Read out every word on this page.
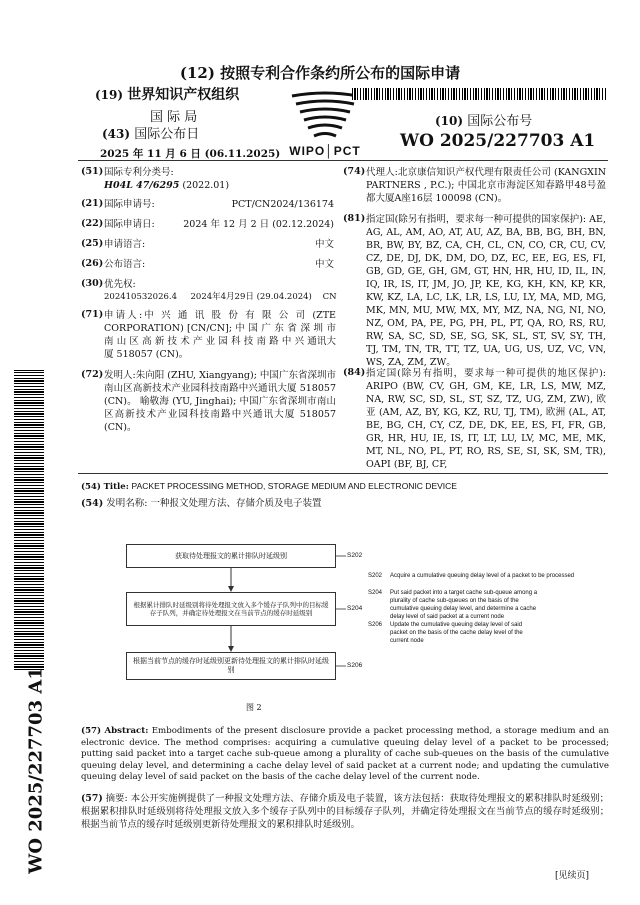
(12) 按照专利合作条约所公布的国际申请
(19) 世界知识产权组织
国 际 局
(43) 国际公布日
2025 年 11 月 6 日 (06.11.2025) WIPO│PCT
(10) 国际公布号
WO 2025/227703 A1
(51) 国际专利分类号:
H04L 47/6295 (2022.01)
(21) 国际申请号:	PCT/CN2024/136174
(22) 国际申请日:	2024 年 12 月 2 日 (02.12.2024)
(25) 申请语言:	中文
(26) 公布语言:	中文
(30) 优先权:
202410532026.4     2024年4月29日 (29.04.2024)    CN
(71) 申请人:中 兴 通 讯 股 份 有 限 公 司 (ZTE CORPORATION) [CN/CN]; 中 国 广 东 省 深 圳 市 南 山 区 高 新 技 术 产 业 园 科 技 南 路 中 兴 通讯大厦 518057 (CN)。
(72) 发明人:朱向阳 (ZHU, Xiangyang); 中国广东省深圳市南山区高新技术产业园科技南路中兴通讯大厦 518057 (CN)。 喻敬海 (YU, Jinghai); 中国广东省深圳市南山区高新技术产业园科技南路中兴通讯大厦 518057 (CN)。
(74) 代理人:北京康信知识产权代理有限责任公司 (KANGXIN PARTNERS , P.C.); 中国北京市海淀区知春路甲48号盈都大厦A座16层 100098 (CN)。
(81) 指定国(除另有指明，要求每一种可提供的国家保护): AE, AG, AL, AM, AO, AT, AU, AZ, BA, BB, BG, BH, BN, BR, BW, BY, BZ, CA, CH, CL, CN, CO, CR, CU, CV, CZ, DE, DJ, DK, DM, DO, DZ, EC, EE, EG, ES, FI, GB, GD, GE, GH, GM, GT, HN, HR, HU, ID, IL, IN, IQ, IR, IS, IT, JM, JO, JP, KE, KG, KH, KN, KP, KR, KW, KZ, LA, LC, LK, LR, LS, LU, LY, MA, MD, MG, MK, MN, MU, MW, MX, MY, MZ, NA, NG, NI, NO, NZ, OM, PA, PE, PG, PH, PL, PT, QA, RO, RS, RU, RW, SA, SC, SD, SE, SG, SK, SL, ST, SV, SY, TH, TJ, TM, TN, TR, TT, TZ, UA, UG, US, UZ, VC, VN, WS, ZA, ZM, ZW。
(84) 指定国(除另有指明，要求每一种可提供的地区保护): ARIPO (BW, CV, GH, GM, KE, LR, LS, MW, MZ, NA, RW, SC, SD, SL, ST, SZ, TZ, UG, ZM, ZW), 欧亚 (AM, AZ, BY, KG, KZ, RU, TJ, TM), 欧洲 (AL, AT, BE, BG, CH, CY, CZ, DE, DK, EE, ES, FI, FR, GB, GR, HR, HU, IE, IS, IT, LT, LU, LV, MC, ME, MK, MT, NL, NO, PL, PT, RO, RS, SE, SI, SK, SM, TR), OAPI (BF, BJ, CF,
(54) Title: PACKET PROCESSING METHOD, STORAGE MEDIUM AND ELECTRONIC DEVICE
(54) 发明名称: 一种报文处理方法、存储介质及电子装置
获取待处理报文的累计排队时延级别
根据累计排队时延级别将待处理报文放入多个缓存子队列中的目标缓存子队列，并确定待处理报文在当前节点的缓存时延级别
根据当前节点的缓存时延级别更新待处理报文的累计排队时延级别
S202
S204
S206
S202 Acquire a cumulative queuing delay level of a packet to be processed
S204 Put said packet into a target cache sub-queue among a plurality of cache sub-queues on the basis of the cumulative queuing delay level, and determine a cache delay level of said packet at a current node
S206 Update the cumulative queuing delay level of said packet on the basis of the cache delay level of the current node
图 2
(57) Abstract: Embodiments of the present disclosure provide a packet processing method, a storage medium and an electronic device. The method comprises: acquiring a cumulative queuing delay level of a packet to be processed; putting said packet into a target cache sub-queue among a plurality of cache sub-queues on the basis of the cumulative queuing delay level, and determining a cache delay level of said packet at a current node; and updating the cumulative queuing delay level of said packet on the basis of the cache delay level of the current node.
(57) 摘要: 本公开实施例提供了一种报文处理方法、存储介质及电子装置，该方法包括：获取待处理报文的累积排队时延级别；根据累积排队时延级别将待处理报文放入多个缓存子队列中的目标缓存子队列，并确定待处理报文在当前节点的缓存时延级别；根据当前节点的缓存时延级别更新待处理报文的累积排队时延级别。
WO 2025/227703 A1
[见续页]
